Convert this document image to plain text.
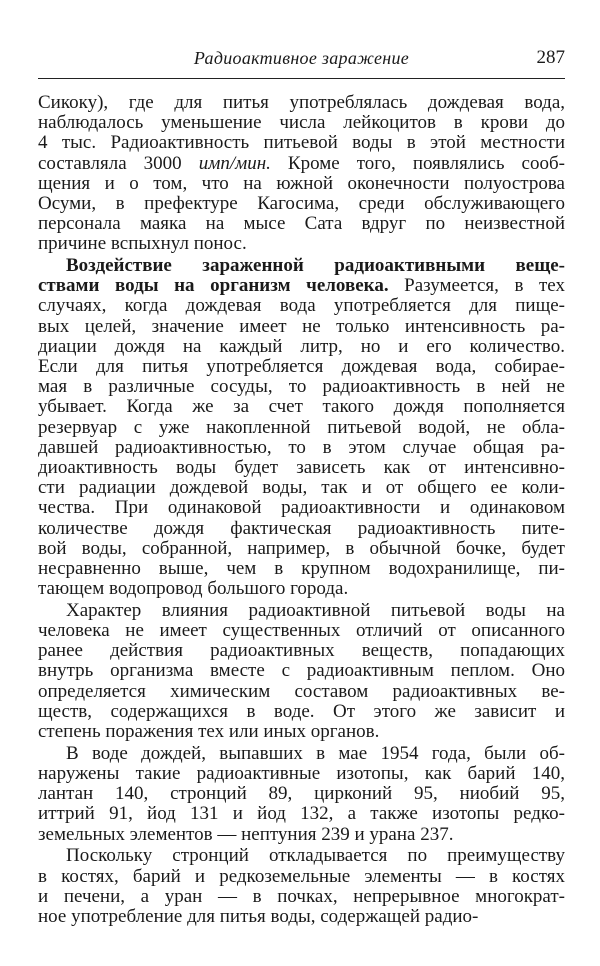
Радиоактивное заражение	287
Сикоку), где для питья употреблялась дождевая вода,
наблюдалось уменьшение числа лейкоцитов в крови до
4 тыс. Радиоактивность питьевой воды в этой местности
составляла 3000 имп/мин. Кроме того, появлялись сооб-
щения и о том, что на южной оконечности полуострова
Осуми, в префектуре Кагосима, среди обслуживающего
персонала маяка на мысе Сата вдруг по неизвестной
причине вспыхнул понос.
Воздействие зараженной радиоактивными веще-
ствами воды на организм человека. Разумеется, в тех
случаях, когда дождевая вода употребляется для пище-
вых целей, значение имеет не только интенсивность ра-
диации дождя на каждый литр, но и его количество.
Если для питья употребляется дождевая вода, собирае-
мая в различные сосуды, то радиоактивность в ней не
убывает. Когда же за счет такого дождя пополняется
резервуар с уже накопленной питьевой водой, не обла-
давшей радиоактивностью, то в этом случае общая ра-
диоактивность воды будет зависеть как от интенсивно-
сти радиации дождевой воды, так и от общего ее коли-
чества. При одинаковой радиоактивности и одинаковом
количестве дождя фактическая радиоактивность пите-
вой воды, собранной, например, в обычной бочке, будет
несравненно выше, чем в крупном водохранилище, пи-
тающем водопровод большого города.
Характер влияния радиоактивной питьевой воды на
человека не имеет существенных отличий от описанного
ранее действия радиоактивных веществ, попадающих
внутрь организма вместе с радиоактивным пеплом. Оно
определяется химическим составом радиоактивных ве-
ществ, содержащихся в воде. От этого же зависит и
степень поражения тех или иных органов.
В воде дождей, выпавших в мае 1954 года, были об-
наружены такие радиоактивные изотопы, как барий 140,
лантан 140, стронций 89, цирконий 95, ниобий 95,
иттрий 91, йод 131 и йод 132, а также изотопы редко-
земельных элементов — нептуния 239 и урана 237.
Поскольку стронций откладывается по преимуществу
в костях, барий и редкоземельные элементы — в костях
и печени, а уран — в почках, непрерывное многократ-
ное употребление для питья воды, содержащей радио-
